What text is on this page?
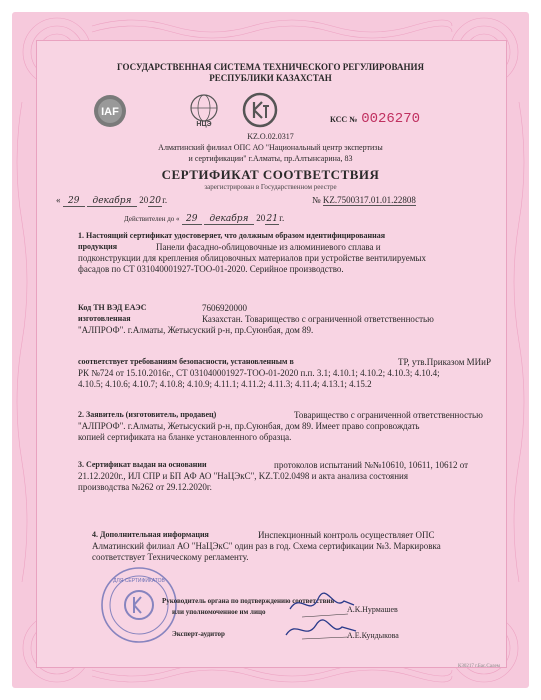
ГОСУДАРСТВЕННАЯ СИСТЕМА ТЕХНИЧЕСКОГО РЕГУЛИРОВАНИЯ
РЕСПУБЛИКИ КАЗАХСТАН
IAF
НЦЭ
КСС № 0026270
KZ.O.02.0317
Алматинский филиал ОПС АО "Национальный центр экспертизы
и сертификации" г.Алматы, пр.Алтынсарина, 83
СЕРТИФИКАТ СООТВЕТСТВИЯ
зарегистрирован в Государственном реестре
« 29 декабря 2020г.	№ KZ.7500317.01.01.22808
Действителен до « 29 декабря 2021г.
1. Настоящий сертификат удостоверяет, что должным образом идентифицированная
продукция	Панели фасадно-облицовочные из алюминиевого сплава и
подконструкции для крепления облицовочных материалов при устройстве вентилируемых
фасадов по СТ 031040001927-ТОО-01-2020. Серийное производство.
Код ТН ВЭД ЕАЭС	7606920000
изготовленная	Казахстан. Товарищество с ограниченной ответственностью
"АЛПРОФ". г.Алматы, Жетысуский р-н, пр.Суюнбая, дом 89.
соответствует требованиям безопасности, установленным в	ТР, утв.Приказом МИиР
РК №724 от 15.10.2016г., СТ 031040001927-ТОО-01-2020 п.п. 3.1; 4.10.1; 4.10.2; 4.10.3; 4.10.4;
4.10.5; 4.10.6; 4.10.7; 4.10.8; 4.10.9; 4.11.1; 4.11.2; 4.11.3; 4.11.4; 4.13.1; 4.15.2
2. Заявитель (изготовитель, продавец)	Товарищество с ограниченной ответственностью
"АЛПРОФ". г.Алматы, Жетысуский р-н, пр.Суюнбая, дом 89. Имеет право сопровождать
копией сертификата на бланке установленного образца.
3. Сертификат выдан на основании	протоколов испытаний №№10610, 10611, 10612 от
21.12.2020г., ИЛ СПР и БП АФ АО "НаЦЭкС", KZ.T.02.0498 и акта анализа состояния
производства №262 от 29.12.2020г.
4. Дополнительная информация	Инспекционный контроль осуществляет ОПС
Алматинский филиал АО "НаЦЭкС" один раз в год. Схема сертификации №3. Маркировка
соответствует Техническому регламенту.
ДЛЯ СЕРТИФИКАТОВ
Руководитель органа по подтверждению соответствия
или уполномоченное им лицо	А.К.Нурмашев
Эксперт-аудитор	А.Е.Кундыкова
КЗ0217 г.Бас.Салем
